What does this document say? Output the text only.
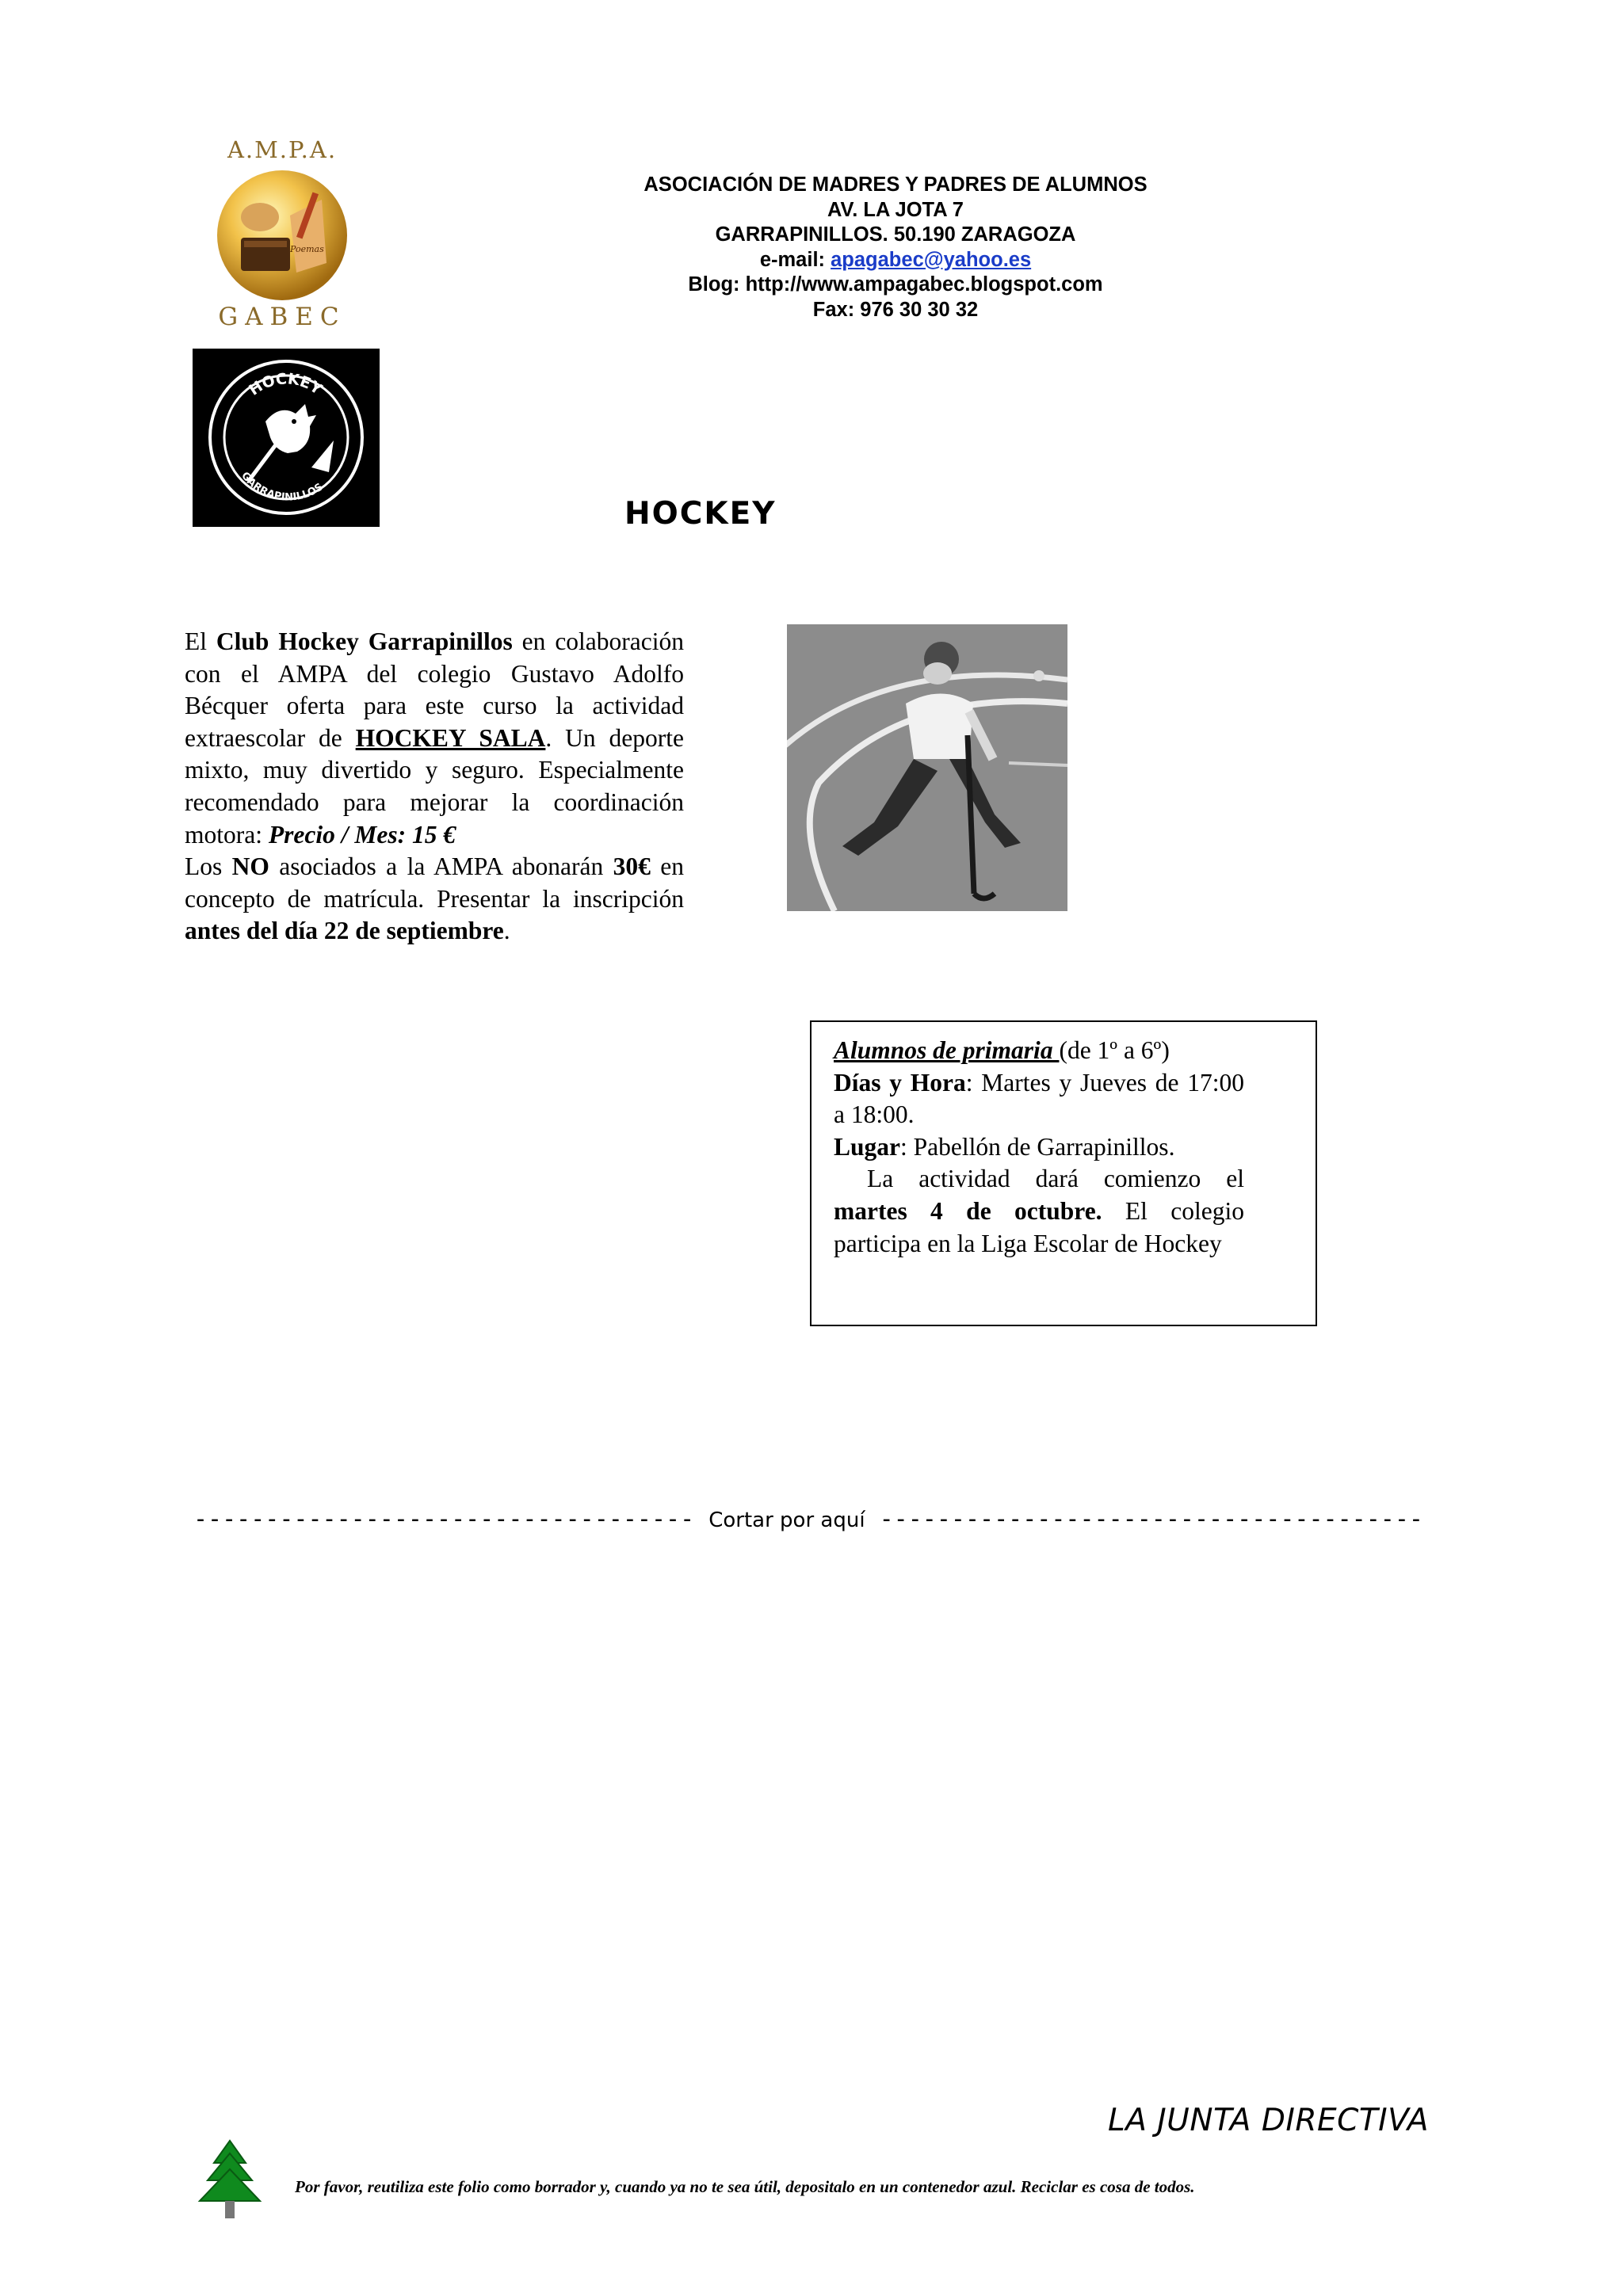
A.M.P.A.
Poemas
GABEC
HOCKEY
GARRAPINILLOS
ASOCIACIÓN DE MADRES Y PADRES DE ALUMNOS
AV. LA JOTA 7
GARRAPINILLOS. 50.190 ZARAGOZA
e-mail: apagabec@yahoo.es
Blog: http://www.ampagabec.blogspot.com
Fax: 976 30 30 32
HOCKEY
El Club Hockey Garrapinillos en colaboración con el AMPA del colegio Gustavo Adolfo Bécquer oferta para este curso la actividad extraescolar de HOCKEY SALA. Un deporte mixto, muy divertido y seguro. Especialmente recomendado para mejorar la coordinación motora: Precio / Mes: 15 €
Los NO asociados a la AMPA abonarán 30€ en concepto de matrícula. Presentar la inscripción antes del día 22 de septiembre.
Alumnos de primaria (de 1º a 6º)
Días y Hora: Martes y Jueves de 17:00 a 18:00.
Lugar: Pabellón de Garrapinillos.
La actividad dará comienzo el martes 4 de octubre. El colegio participa en la Liga Escolar de Hockey
----------------------------------- Cortar por aquí --------------------------------------
LA JUNTA DIRECTIVA
Por favor, reutiliza este folio como borrador y, cuando ya no te sea útil, depositalo en un contenedor azul. Reciclar es cosa de todos.
